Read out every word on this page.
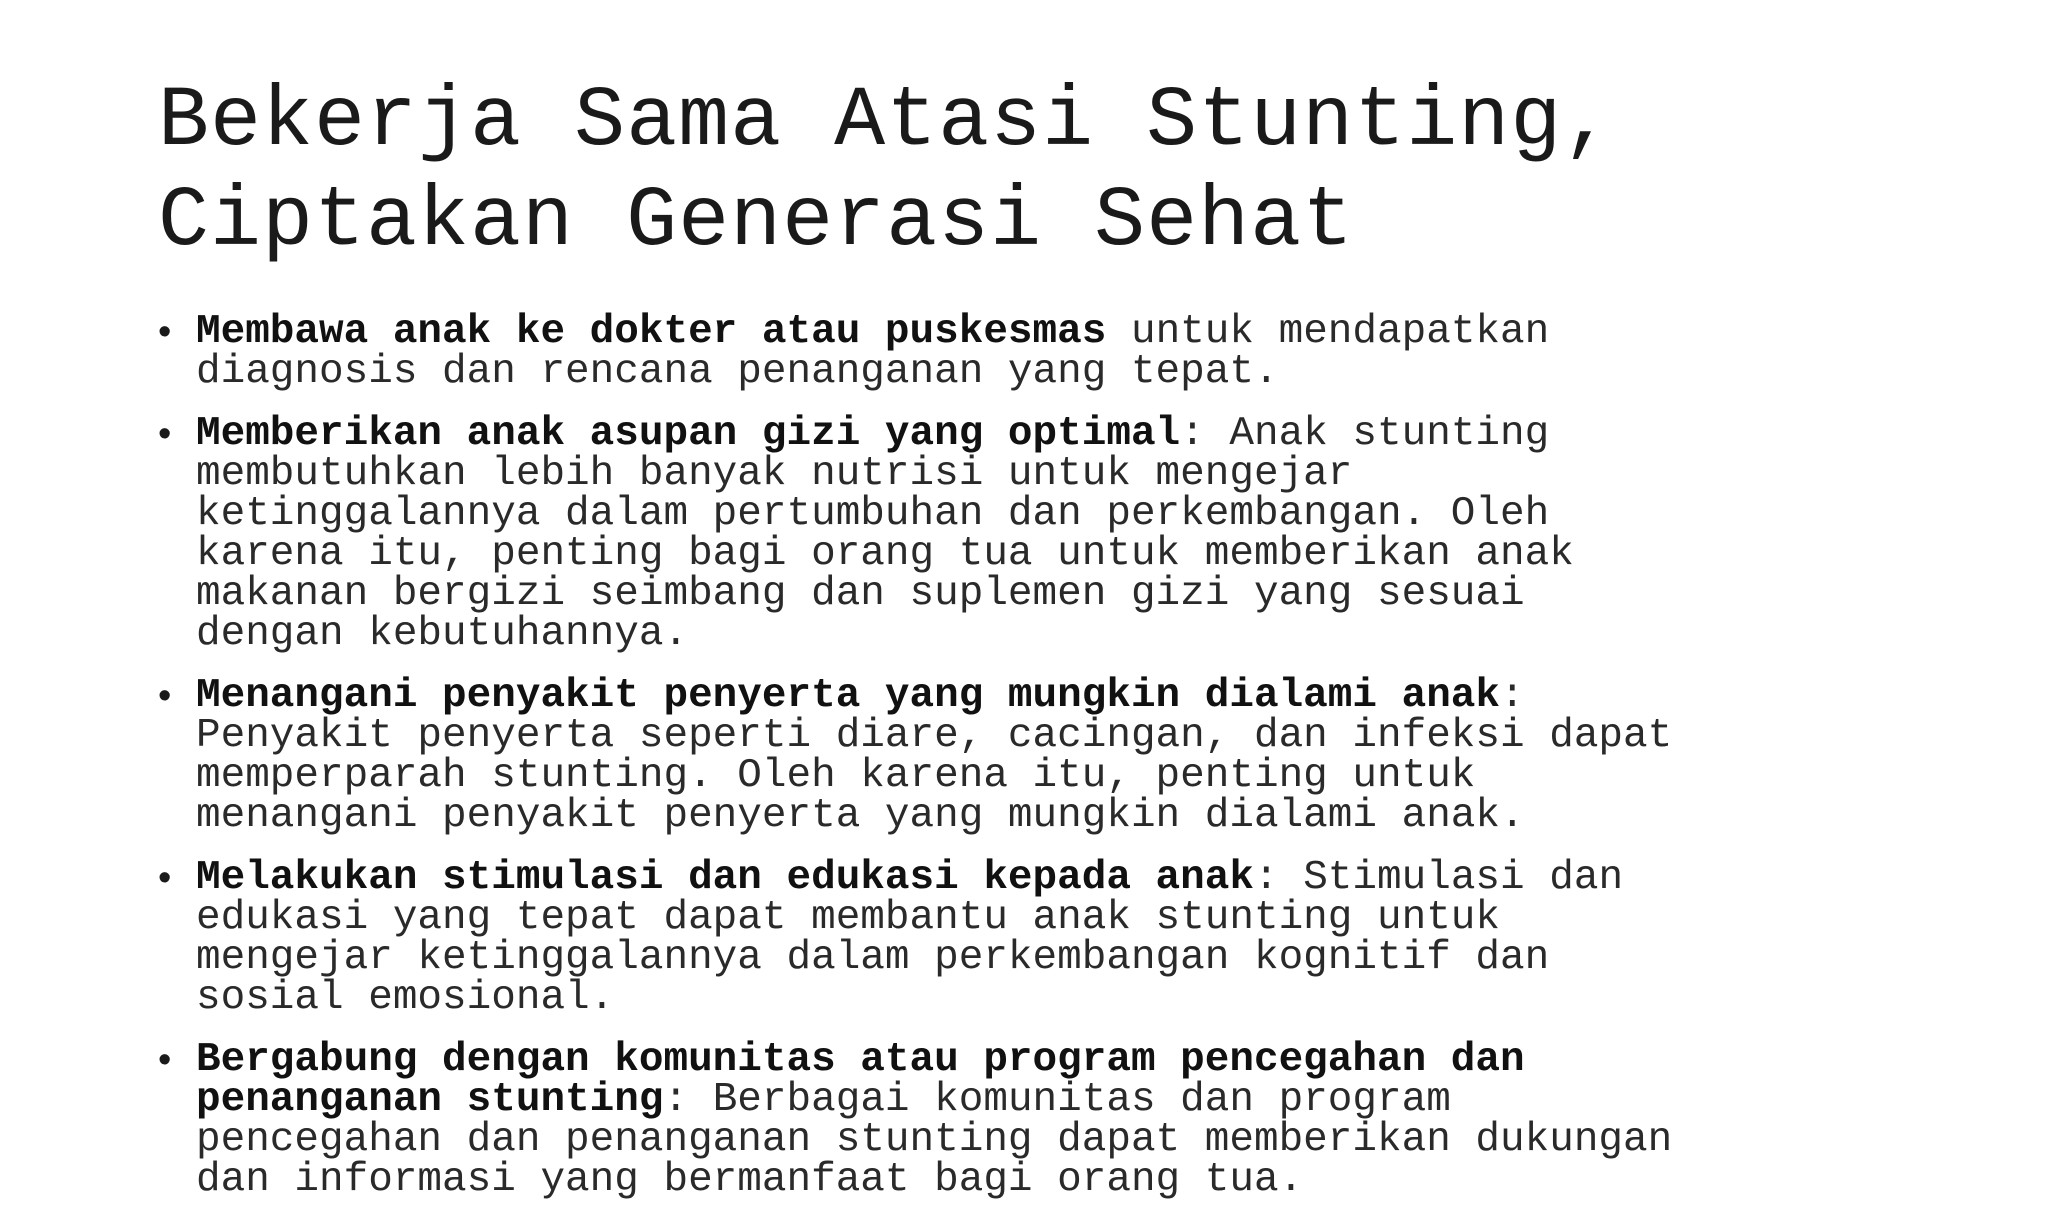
Bekerja Sama Atasi Stunting,
Ciptakan Generasi Sehat
• Membawa anak ke dokter atau puskesmas untuk mendapatkan
diagnosis dan rencana penanganan yang tepat.
• Memberikan anak asupan gizi yang optimal: Anak stunting
membutuhkan lebih banyak nutrisi untuk mengejar
ketinggalannya dalam pertumbuhan dan perkembangan. Oleh
karena itu, penting bagi orang tua untuk memberikan anak
makanan bergizi seimbang dan suplemen gizi yang sesuai
dengan kebutuhannya.
• Menangani penyakit penyerta yang mungkin dialami anak:
Penyakit penyerta seperti diare, cacingan, dan infeksi dapat
memperparah stunting. Oleh karena itu, penting untuk
menangani penyakit penyerta yang mungkin dialami anak.
• Melakukan stimulasi dan edukasi kepada anak: Stimulasi dan
edukasi yang tepat dapat membantu anak stunting untuk
mengejar ketinggalannya dalam perkembangan kognitif dan
sosial emosional.
• Bergabung dengan komunitas atau program pencegahan dan
penanganan stunting: Berbagai komunitas dan program
pencegahan dan penanganan stunting dapat memberikan dukungan
dan informasi yang bermanfaat bagi orang tua.
